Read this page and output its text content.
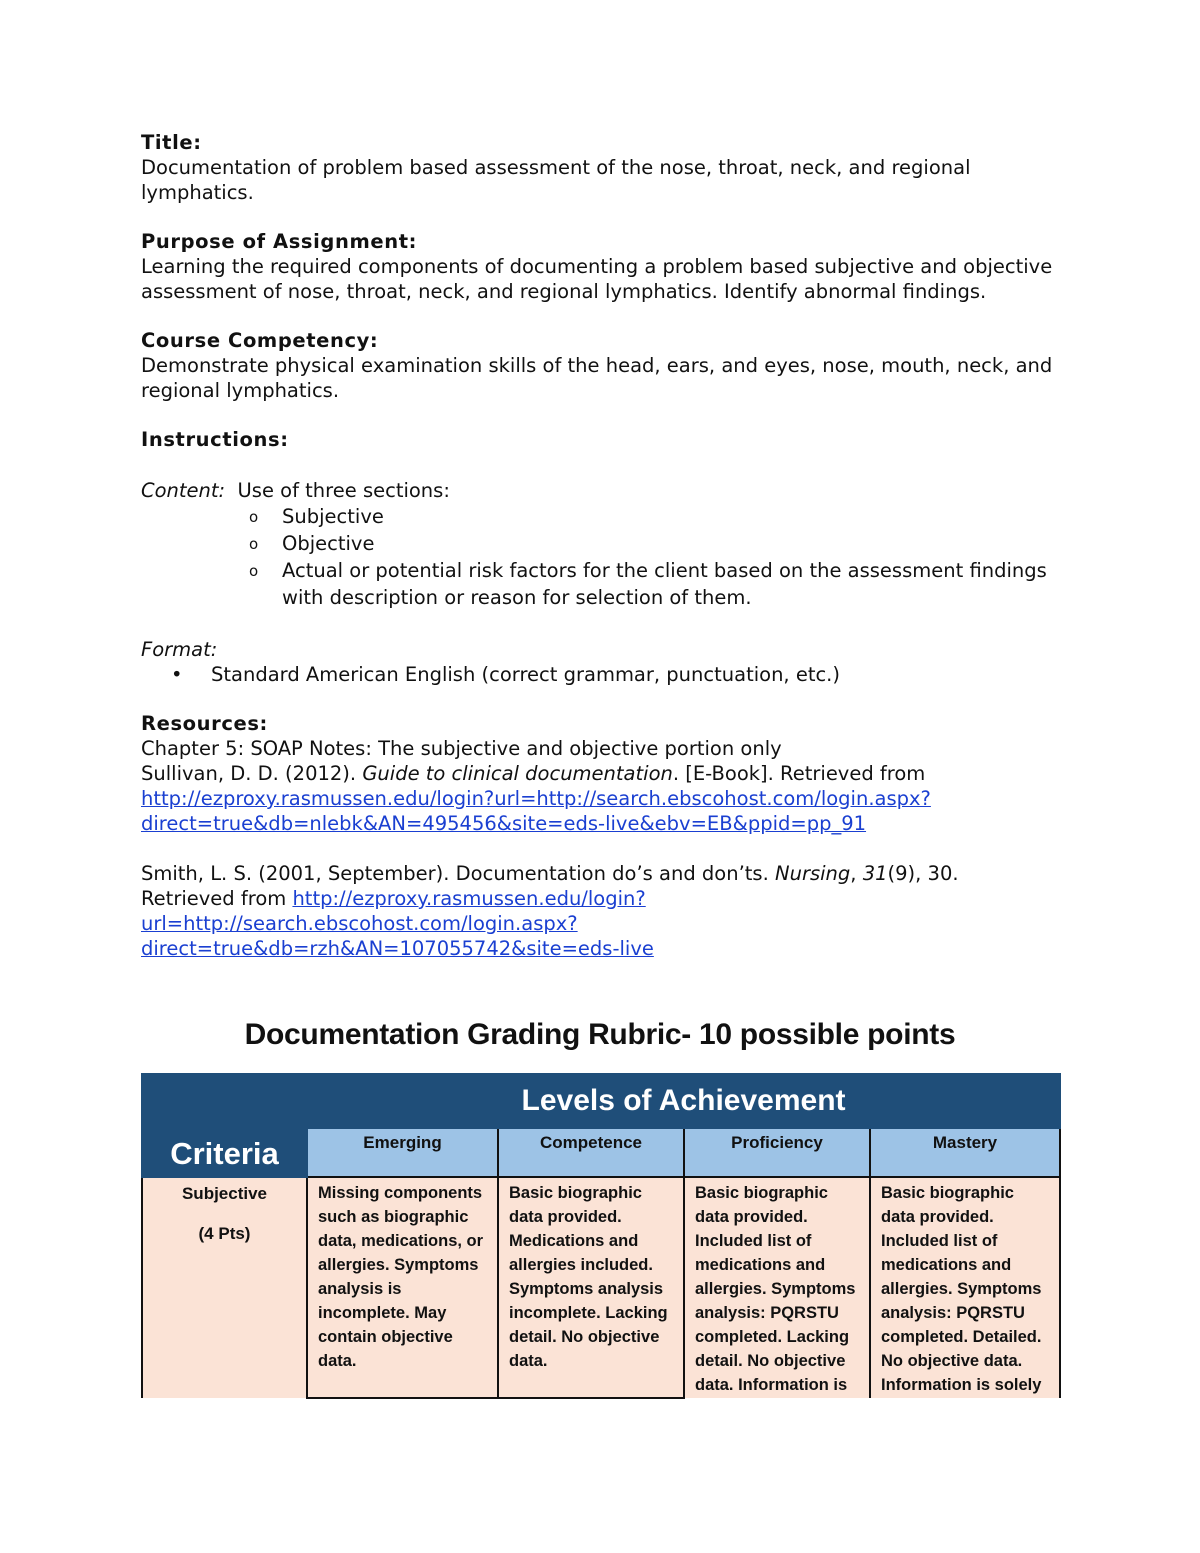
Title:

Documentation of problem based assessment of the nose, throat, neck, and regional lymphatics.

Purpose of Assignment:

Learning the required components of documenting a problem based subjective and objective assessment of nose, throat, neck, and regional lymphatics. Identify abnormal findings.

Course Competency:

Demonstrate physical examination skills of the head, ears, and eyes, nose, mouth, neck, and regional lymphatics.

Instructions:

Content: Use of three sections:

o Subjective
o Objective
o Actual or potential risk factors for the client based on the assessment findings with description or reason for selection of them.

Format:

• Standard American English (correct grammar, punctuation, etc.)

Resources:

Chapter 5: SOAP Notes: The subjective and objective portion only

Sullivan, D. D. (2012). Guide to clinical documentation. [E-Book]. Retrieved from

http://ezproxy.rasmussen.edu/login?url=http://search.ebscohost.com/login.aspx?
direct=true&db=nlebk&AN=495456&site=eds-live&ebv=EB&ppid=pp_91

Smith, L. S. (2001, September). Documentation do’s and don’ts. Nursing, 31(9), 30.
Retrieved from http://ezproxy.rasmussen.edu/login?
url=http://search.ebscohost.com/login.aspx?
direct=true&db=rzh&AN=107055742&site=eds-live

Documentation Grading Rubric- 10 possible points
Criteria	Levels of Achievement			
	Emerging	Competence	Proficiency	Mastery

Subjective
(4 Pts)	Missing components such as biographic data, medications, or allergies. Symptoms analysis is incomplete. May contain objective data.	Basic biographic data provided. Medications and allergies included. Symptoms analysis incomplete. Lacking detail. No objective data.	Basic biographic data provided. Included list of medications and allergies. Symptoms analysis: PQRSTU completed. Lacking detail. No objective data. Information is	Basic biographic data provided. Included list of medications and allergies. Symptoms analysis: PQRSTU completed. Detailed. No objective data. Information is solely
